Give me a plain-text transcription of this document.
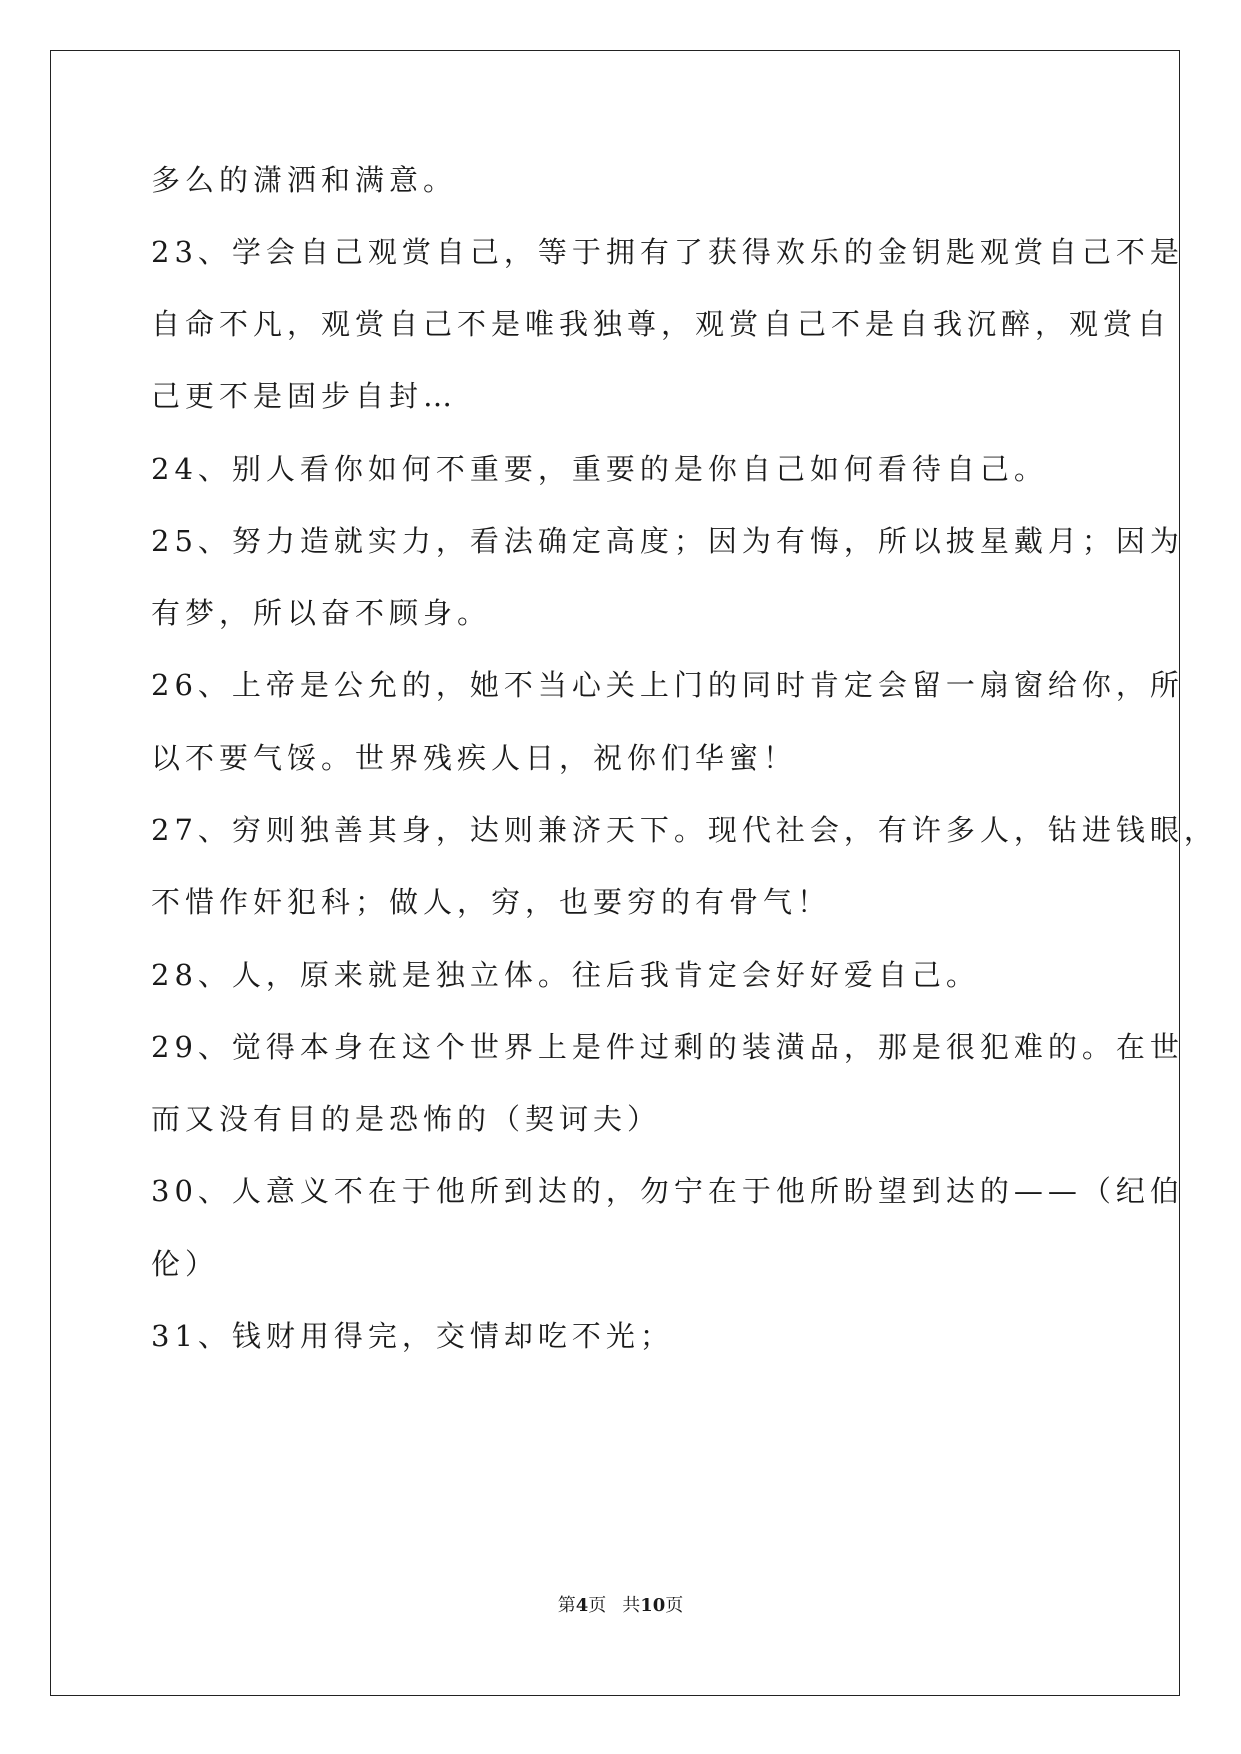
多么的潇洒和满意。
23、学会自己观赏自己，等于拥有了获得欢乐的金钥匙观赏自己不是
自命不凡，观赏自己不是唯我独尊，观赏自己不是自我沉醉，观赏自
己更不是固步自封…
24、别人看你如何不重要，重要的是你自己如何看待自己。
25、努力造就实力，看法确定高度；因为有悔，所以披星戴月；因为
有梦，所以奋不顾身。
26、上帝是公允的，她不当心关上门的同时肯定会留一扇窗给你，所
以不要气馁。世界残疾人日，祝你们华蜜！
27、穷则独善其身，达则兼济天下。现代社会，有许多人，钻进钱眼，
不惜作奸犯科；做人，穷，也要穷的有骨气！
28、人，原来就是独立体。往后我肯定会好好爱自己。
29、觉得本身在这个世界上是件过剩的装潢品，那是很犯难的。在世
而又没有目的是恐怖的（契诃夫）
30、人意义不在于他所到达的，勿宁在于他所盼望到达的——（纪伯
伦）
31、钱财用得完，交情却吃不光；
第4页 共10页
